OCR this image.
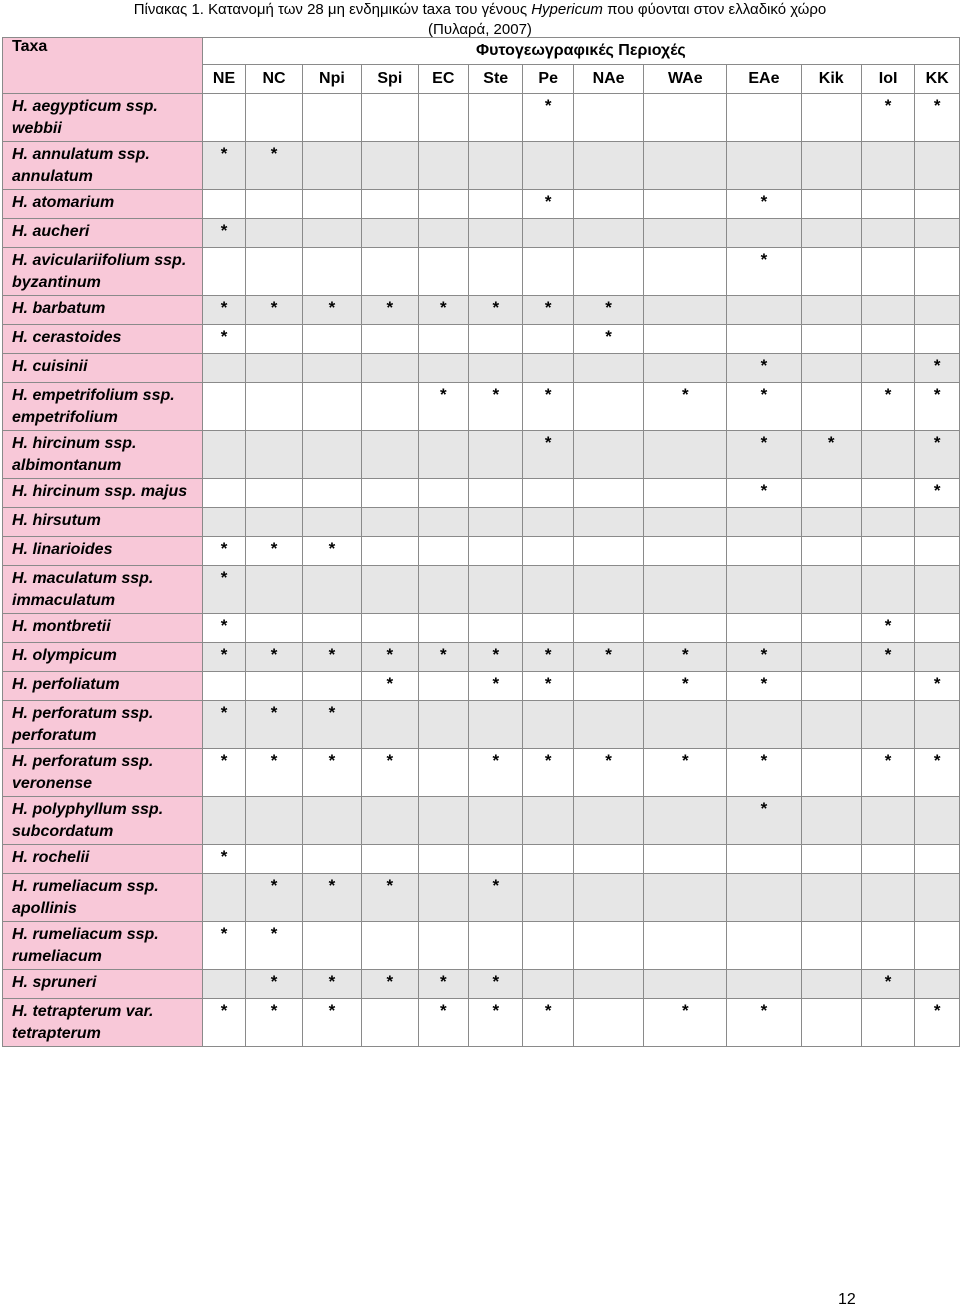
Πίνακας 1. Κατανομή των 28 μη ενδημικών taxa του γένους Hypericum που φύονται στον ελλαδικό χώρο
(Πυλαρά, 2007)
Taxa	Φυτογεωγραφικές Περιοχές												
	NE	NC	Npi	Spi	EC	Ste	Pe	NAe	WAe	EAe	Kik	IoI	KK
H. aegypticum ssp. webbii							*					*	*
H. annulatum ssp. annulatum	*	*											
H. atomarium							*			*			
H. aucheri	*												
H. aviculariifolium ssp. byzantinum										*			
H. barbatum	*	*	*	*	*	*	*	*					
H. cerastoides	*							*					
H. cuisinii										*			*
H. empetrifolium ssp. empetrifolium					*	*	*		*	*		*	*
H. hircinum ssp. albimontanum							*			*	*		*
H. hircinum ssp. majus										*			*
H. hirsutum													
H. linarioides	*	*	*										
H. maculatum ssp. immaculatum	*												
H. montbretii	*											*	
H. olympicum	*	*	*	*	*	*	*	*	*	*		*	
H. perfoliatum				*		*	*		*	*			*
H. perforatum ssp. perforatum	*	*	*										
H. perforatum ssp. veronense	*	*	*	*		*	*	*	*	*		*	*
H. polyphyllum ssp. subcordatum										*			
H. rochelii	*												
H. rumeliacum ssp. apollinis		*	*	*		*							
H. rumeliacum ssp. rumeliacum	*	*											
H. spruneri		*	*	*	*	*						*	
H. tetrapterum var. tetrapterum	*	*	*		*	*	*		*	*			*
12
